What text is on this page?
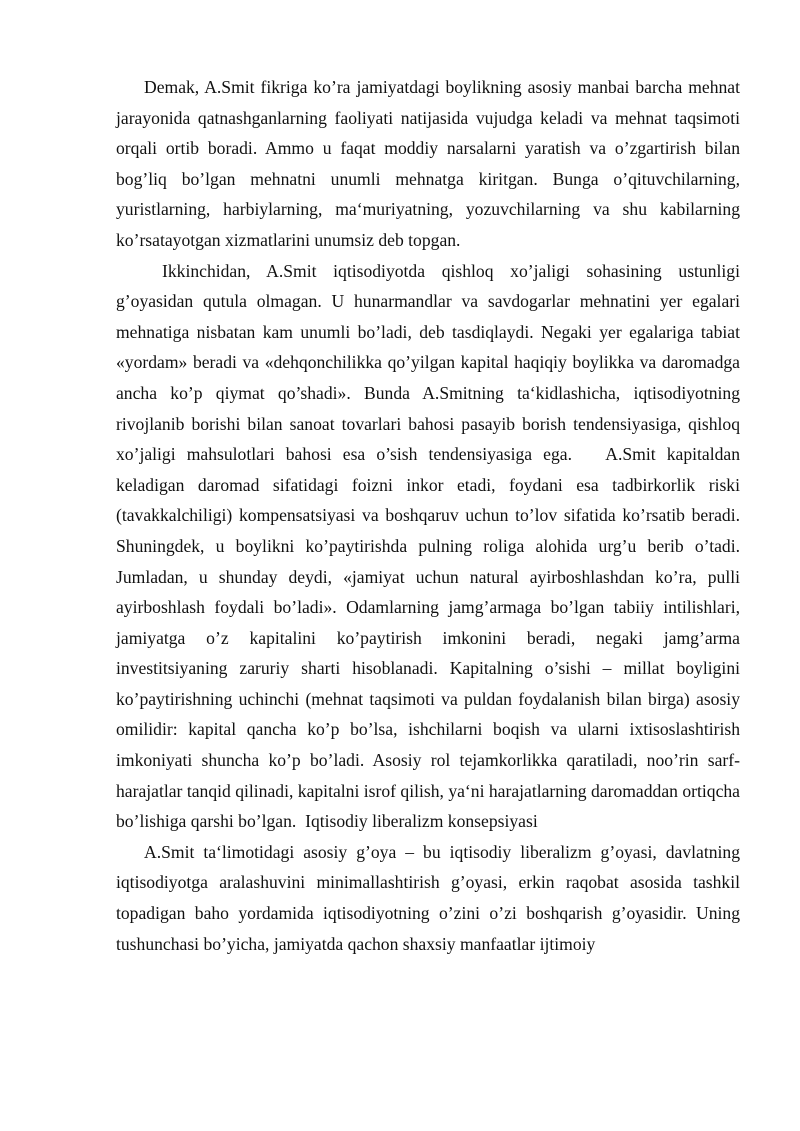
Demak, A.Smit fikriga ko’ra jamiyatdagi boylikning asosiy manbai barcha mehnat jarayonida qatnashganlarning faoliyati natijasida vujudga keladi va mehnat taqsimoti orqali ortib boradi. Ammo u faqat moddiy narsalarni yaratish va o’zgartirish bilan bog’liq bo’lgan mehnatni unumli mehnatga kiritgan. Bunga o’qituvchilarning, yuristlarning, harbiylarning, ma‘muriyatning, yozuvchilarning va shu kabilarning ko’rsatayotgan xizmatlarini unumsiz deb topgan.

Ikkinchidan, A.Smit iqtisodiyotda qishloq xo’jaligi sohasining ustunligi g’oyasidan qutula olmagan. U hunarmandlar va savdogarlar mehnatini yer egalari mehnatiga nisbatan kam unumli bo’ladi, deb tasdiqlaydi. Negaki yer egalariga tabiat «yordam» beradi va «dehqonchilikka qo’yilgan kapital haqiqiy boylikka va daromadga ancha ko’p qiymat qo’shadi». Bunda A.Smitning ta‘kidlashicha, iqtisodiyotning rivojlanib borishi bilan sanoat tovarlari bahosi pasayib borish tendensiyasiga, qishloq xo’jaligi mahsulotlari bahosi esa o’sish tendensiyasiga ega. A.Smit kapitaldan keladigan daromad sifatidagi foizni inkor etadi, foydani esa tadbirkorlik riski (tavakkalchiligi) kompensatsiyasi va boshqaruv uchun to’lov sifatida ko’rsatib beradi. Shuningdek, u boylikni ko’paytirishda pulning roliga alohida urg’u berib o’tadi. Jumladan, u shunday deydi, «jamiyat uchun natural ayirboshlashdan ko’ra, pulli ayirboshlash foydali bo’ladi». Odamlarning jamg’armaga bo’lgan tabiiy intilishlari, jamiyatga o’z kapitalini ko’paytirish imkonini beradi, negaki jamg’arma investitsiyaning zaruriy sharti hisoblanadi. Kapitalning o’sishi – millat boyligini ko’paytirishning uchinchi (mehnat taqsimoti va puldan foydalanish bilan birga) asosiy omilidir: kapital qancha ko’p bo’lsa, ishchilarni boqish va ularni ixtisoslashtirish imkoniyati shuncha ko’p bo’ladi. Asosiy rol tejamkorlikka qaratiladi, noo’rin sarf-harajatlar tanqid qilinadi, kapitalni isrof qilish, ya‘ni harajatlarning daromaddan ortiqcha bo’lishiga qarshi bo’lgan. Iqtisodiy liberalizm konsepsiyasi

A.Smit ta‘limotidagi asosiy g’oya – bu iqtisodiy liberalizm g’oyasi, davlatning iqtisodiyotga aralashuvini minimallashtirish g’oyasi, erkin raqobat asosida tashkil topadigan baho yordamida iqtisodiyotning o’zini o’zi boshqarish g’oyasidir. Uning tushunchasi bo’yicha, jamiyatda qachon shaxsiy manfaatlar ijtimoiy
